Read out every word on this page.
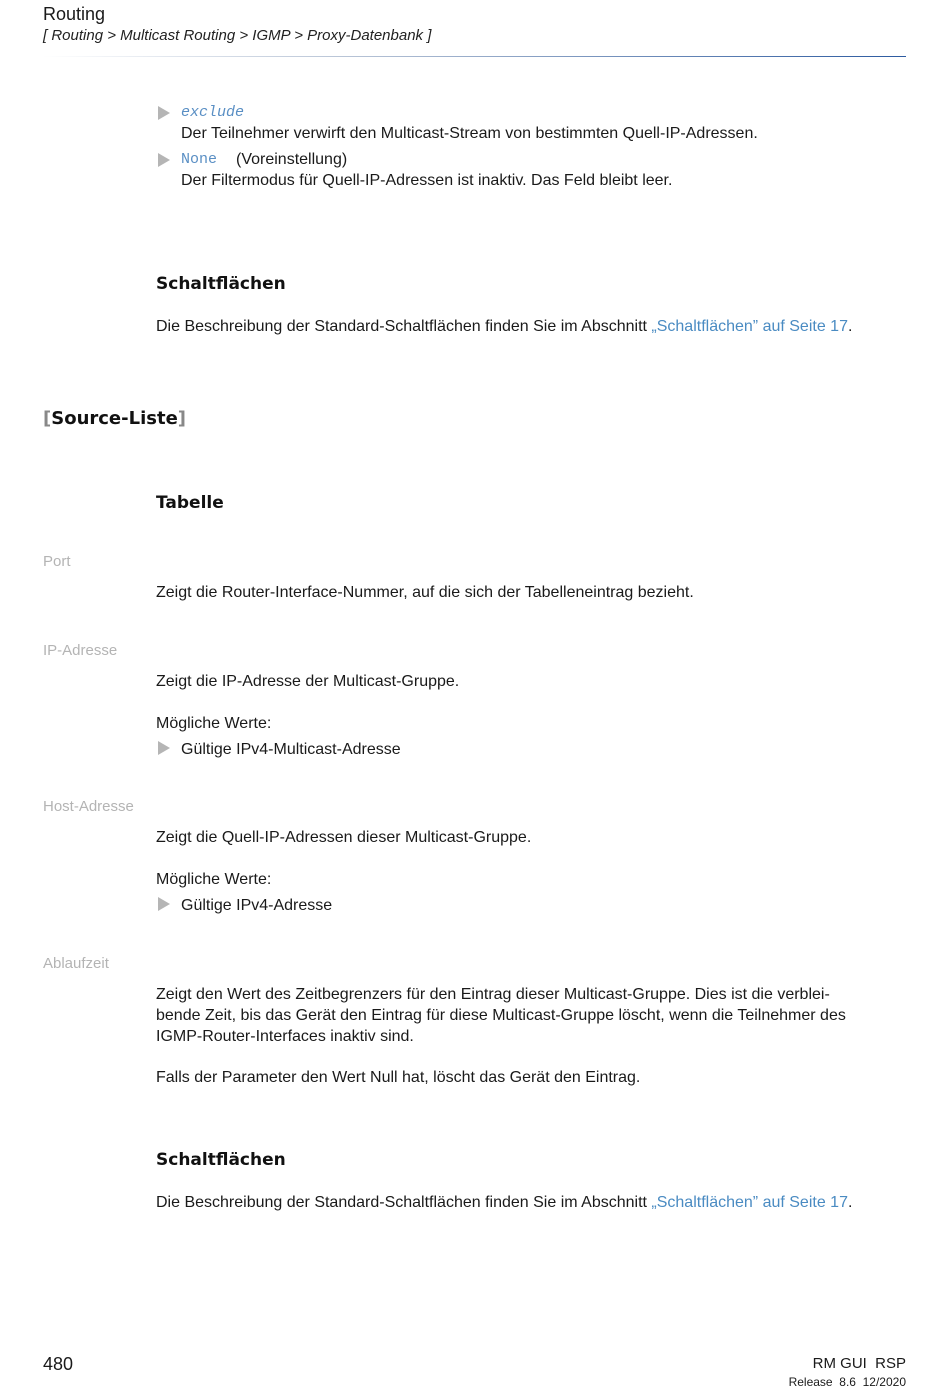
Routing
[ Routing > Multicast Routing > IGMP > Proxy-Datenbank ]
exclude
Der Teilnehmer verwirft den Multicast-Stream von bestimmten Quell-IP-Adressen.
None (Voreinstellung)
Der Filtermodus für Quell-IP-Adressen ist inaktiv. Das Feld bleibt leer.
Schaltflächen
Die Beschreibung der Standard-Schaltflächen finden Sie im Abschnitt „Schaltflächen” auf Seite 17.
[Source-Liste]
Tabelle
Port
Zeigt die Router-Interface-Nummer, auf die sich der Tabelleneintrag bezieht.
IP-Adresse
Zeigt die IP-Adresse der Multicast-Gruppe.
Mögliche Werte:
Gültige IPv4-Multicast-Adresse
Host-Adresse
Zeigt die Quell-IP-Adressen dieser Multicast-Gruppe.
Mögliche Werte:
Gültige IPv4-Adresse
Ablaufzeit
Zeigt den Wert des Zeitbegrenzers für den Eintrag dieser Multicast-Gruppe. Dies ist die verblei-
bende Zeit, bis das Gerät den Eintrag für diese Multicast-Gruppe löscht, wenn die Teilnehmer des
IGMP-Router-Interfaces inaktiv sind.
Falls der Parameter den Wert Null hat, löscht das Gerät den Eintrag.
Schaltflächen
Die Beschreibung der Standard-Schaltflächen finden Sie im Abschnitt „Schaltflächen” auf Seite 17.
480	RM GUI  RSP
Release  8.6  12/2020
